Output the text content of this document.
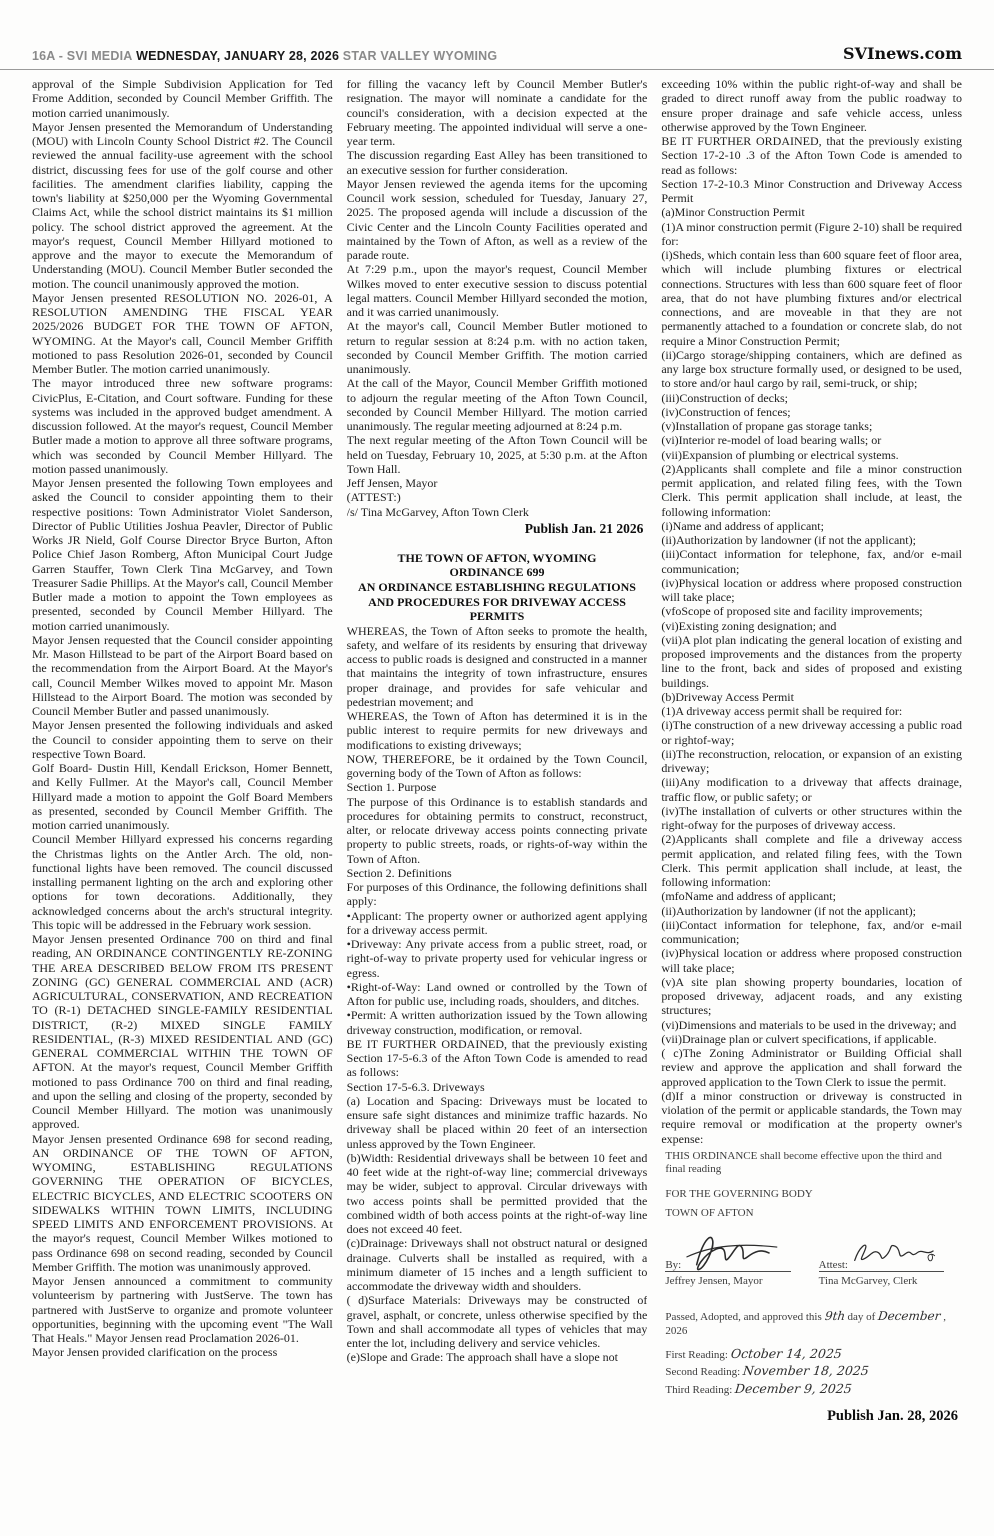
16A - SVI MEDIA WEDNESDAY, JANUARY 28, 2026 STAR VALLEY WYOMING	SVInews.com

approval of the Simple Subdivision Application for Ted Frome Addition, seconded by Council Member Griffith. The motion carried unanimously.

Mayor Jensen presented the Memorandum of Understanding (MOU) with Lincoln County School District #2. The Council reviewed the annual facility-use agreement with the school district, discussing fees for use of the golf course and other facilities. The amendment clarifies liability, capping the town's liability at $250,000 per the Wyoming Governmental Claims Act, while the school district maintains its $1 million policy. The school district approved the agreement. At the mayor's request, Council Member Hillyard motioned to approve and the mayor to execute the Memorandum of Understanding (MOU). Council Member Butler seconded the motion. The council unanimously approved the motion.

Mayor Jensen presented RESOLUTION NO. 2026-01, A RESOLUTION AMENDING THE FISCAL YEAR 2025/2026 BUDGET FOR THE TOWN OF AFTON, WYOMING. At the Mayor's call, Council Member Griffith motioned to pass Resolution 2026-01, seconded by Council Member Butler. The motion carried unanimously.

The mayor introduced three new software programs: CivicPlus, E-Citation, and Court software. Funding for these systems was included in the approved budget amendment. A discussion followed. At the mayor's request, Council Member Butler made a motion to approve all three software programs, which was seconded by Council Member Hillyard. The motion passed unanimously.

Mayor Jensen presented the following Town employees and asked the Council to consider appointing them to their respective positions: Town Administrator Violet Sanderson, Director of Public Utilities Joshua Peavler, Director of Public Works JR Nield, Golf Course Director Bryce Burton, Afton Police Chief Jason Romberg, Afton Municipal Court Judge Garren Stauffer, Town Clerk Tina McGarvey, and Town Treasurer Sadie Phillips. At the Mayor's call, Council Member Butler made a motion to appoint the Town employees as presented, seconded by Council Member Hillyard. The motion carried unanimously.

Mayor Jensen requested that the Council consider appointing Mr. Mason Hillstead to be part of the Airport Board based on the recommendation from the Airport Board. At the Mayor's call, Council Member Wilkes moved to appoint Mr. Mason Hillstead to the Airport Board. The motion was seconded by Council Member Butler and passed unanimously.

Mayor Jensen presented the following individuals and asked the Council to consider appointing them to serve on their respective Town Board.

Golf Board- Dustin Hill, Kendall Erickson, Homer Bennett, and Kelly Fullmer. At the Mayor's call, Council Member Hillyard made a motion to appoint the Golf Board Members as presented, seconded by Council Member Griffith. The motion carried unanimously.

Council Member Hillyard expressed his concerns regarding the Christmas lights on the Antler Arch. The old, non-functional lights have been removed. The council discussed installing permanent lighting on the arch and exploring other options for town decorations. Additionally, they acknowledged concerns about the arch's structural integrity. This topic will be addressed in the February work session.

Mayor Jensen presented Ordinance 700 on third and final reading, AN ORDINANCE CONTINGENTLY RE-ZONING THE AREA DESCRIBED BELOW FROM ITS PRESENT ZONING (GC) GENERAL COMMERCIAL AND (ACR) AGRICULTURAL, CONSERVATION, AND RECREATION TO (R-1) DETACHED SINGLE-FAMILY RESIDENTIAL DISTRICT, (R-2) MIXED SINGLE FAMILY RESIDENTIAL, (R-3) MIXED RESIDENTIAL AND (GC) GENERAL COMMERCIAL WITHIN THE TOWN OF AFTON. At the mayor's request, Council Member Griffith motioned to pass Ordinance 700 on third and final reading, and upon the selling and closing of the property, seconded by Council Member Hillyard. The motion was unanimously approved.

Mayor Jensen presented Ordinance 698 for second reading, AN ORDINANCE OF THE TOWN OF AFTON, WYOMING, ESTABLISHING REGULATIONS GOVERNING THE OPERATION OF BICYCLES, ELECTRIC BICYCLES, AND ELECTRIC SCOOTERS ON SIDEWALKS WITHIN TOWN LIMITS, INCLUDING SPEED LIMITS AND ENFORCEMENT PROVISIONS. At the mayor's request, Council Member Wilkes motioned to pass Ordinance 698 on second reading, seconded by Council Member Griffith. The motion was unanimously approved.

Mayor Jensen announced a commitment to community volunteerism by partnering with JustServe. The town has partnered with JustServe to organize and promote volunteer opportunities, beginning with the upcoming event "The Wall That Heals." Mayor Jensen read Proclamation 2026-01.

Mayor Jensen provided clarification on the process

for filling the vacancy left by Council Member Butler's resignation. The mayor will nominate a candidate for the council's consideration, with a decision expected at the February meeting. The appointed individual will serve a one-year term.

The discussion regarding East Alley has been transitioned to an executive session for further consideration.

Mayor Jensen reviewed the agenda items for the upcoming Council work session, scheduled for Tuesday, January 27, 2025. The proposed agenda will include a discussion of the Civic Center and the Lincoln County Facilities operated and maintained by the Town of Afton, as well as a review of the parade route.

At 7:29 p.m., upon the mayor's request, Council Member Wilkes moved to enter executive session to discuss potential legal matters. Council Member Hillyard seconded the motion, and it was carried unanimously.

At the mayor's call, Council Member Butler motioned to return to regular session at 8:24 p.m. with no action taken, seconded by Council Member Griffith. The motion carried unanimously.

At the call of the Mayor, Council Member Griffith motioned to adjourn the regular meeting of the Afton Town Council, seconded by Council Member Hillyard. The motion carried unanimously. The regular meeting adjourned at 8:24 p.m.

The next regular meeting of the Afton Town Council will be held on Tuesday, February 10, 2025, at 5:30 p.m. at the Afton Town Hall.

Jeff Jensen, Mayor

(ATTEST:)

/s/ Tina McGarvey, Afton Town Clerk

Publish Jan. 21 2026
THE TOWN OF AFTON, WYOMING
ORDINANCE 699
AN ORDINANCE ESTABLISHING REGULATIONS
AND PROCEDURES FOR DRIVEWAY ACCESS
PERMITS

WHEREAS, the Town of Afton seeks to promote the health, safety, and welfare of its residents by ensuring that driveway access to public roads is designed and constructed in a manner that maintains the integrity of town infrastructure, ensures proper drainage, and provides for safe vehicular and pedestrian movement; and

WHEREAS, the Town of Afton has determined it is in the public interest to require permits for new driveways and modifications to existing driveways;

NOW, THEREFORE, be it ordained by the Town Council, governing body of the Town of Afton as follows:

Section 1. Purpose

The purpose of this Ordinance is to establish standards and procedures for obtaining permits to construct, reconstruct, alter, or relocate driveway access points connecting private property to public streets, roads, or rights-of-way within the Town of Afton.

Section 2. Definitions

For purposes of this Ordinance, the following definitions shall apply:

•Applicant: The property owner or authorized agent applying for a driveway access permit.

•Driveway: Any private access from a public street, road, or right-of-way to private property used for vehicular ingress or egress.

•Right-of-Way: Land owned or controlled by the Town of Afton for public use, including roads, shoulders, and ditches.

•Permit: A written authorization issued by the Town allowing driveway construction, modification, or removal.

BE IT FURTHER ORDAINED, that the previously existing Section 17-5-6.3 of the Afton Town Code is amended to read as follows:

Section 17-5-6.3. Driveways

(a) Location and Spacing: Driveways must be located to ensure safe sight distances and minimize traffic hazards. No driveway shall be placed within 20 feet of an intersection unless approved by the Town Engineer.

(b)Width: Residential driveways shall be between 10 feet and 40 feet wide at the right-of-way line; commercial driveways may be wider, subject to approval. Circular driveways with two access points shall be permitted provided that the combined width of both access points at the right-of-way line does not exceed 40 feet.

(c)Drainage: Driveways shall not obstruct natural or designed drainage. Culverts shall be installed as required, with a minimum diameter of 15 inches and a length sufficient to accommodate the driveway width and shoulders.

( d)Surface Materials: Driveways may be constructed of gravel, asphalt, or concrete, unless otherwise specified by the Town and shall accommodate all types of vehicles that may enter the lot, including delivery and service vehicles.

(e)Slope and Grade: The approach shall have a slope not

exceeding 10% within the public right-of-way and shall be graded to direct runoff away from the public roadway to ensure proper drainage and safe vehicle access, unless otherwise approved by the Town Engineer.

BE IT FURTHER ORDAINED, that the previously existing Section 17-2-10 .3 of the Afton Town Code is amended to read as follows:

Section 17-2-10.3 Minor Construction and Driveway Access Permit

(a)Minor Construction Permit

(1)A minor construction permit (Figure 2-10) shall be required for:

(i)Sheds, which contain less than 600 square feet of floor area, which will include plumbing fixtures or electrical connections. Structures with less than 600 square feet of floor area, that do not have plumbing fixtures and/or electrical connections, and are moveable in that they are not permanently attached to a foundation or concrete slab, do not require a Minor Construction Permit;

(ii)Cargo storage/shipping containers, which are defined as any large box structure formally used, or designed to be used, to store and/or haul cargo by rail, semi-truck, or ship;

(iii)Construction of decks;

(iv)Construction of fences;

(v)Installation of propane gas storage tanks;

(vi)Interior re-model of load bearing walls; or

(vii)Expansion of plumbing or electrical systems.

(2)Applicants shall complete and file a minor construction permit application, and related filing fees, with the Town Clerk. This permit application shall include, at least, the following information:

(i)Name and address of applicant;

(ii)Authorization by landowner (if not the applicant);

(iii)Contact information for telephone, fax, and/or e-mail communication;

(iv)Physical location or address where proposed construction will take place;

(vfoScope of proposed site and facility improvements;

(vi)Existing zoning designation; and

(vii)A plot plan indicating the general location of existing and proposed improvements and the distances from the property line to the front, back and sides of proposed and existing buildings.

(b)Driveway Access Permit

(1)A driveway access permit shall be required for:

(i)The construction of a new driveway accessing a public road or rightof-way;

(ii)The reconstruction, relocation, or expansion of an existing driveway;

(iii)Any modification to a driveway that affects drainage, traffic flow, or public safety; or

(iv)The installation of culverts or other structures within the right-ofway for the purposes of driveway access.

(2)Applicants shall complete and file a driveway access permit application, and related filing fees, with the Town Clerk. This permit application shall include, at least, the following information:

(mfoName and address of applicant;

(ii)Authorization by landowner (if not the applicant);

(iii)Contact information for telephone, fax, and/or e-mail communication;

(iv)Physical location or address where proposed construction will take place;

(v)A site plan showing property boundaries, location of proposed driveway, adjacent roads, and any existing structures;

(vi)Dimensions and materials to be used in the driveway; and

(vii)Drainage plan or culvert specifications, if applicable.

( c)The Zoning Administrator or Building Official shall review and approve the application and shall forward the approved application to the Town Clerk to issue the permit.

(d)If a minor construction or driveway is constructed in violation of the permit or applicable standards, the Town may require removal or modification at the property owner's expense:

THIS ORDINANCE shall become effective upon the third and final reading
FOR THE GOVERNING BODY
TOWN OF AFTON
By:
Jeffrey Jensen, Mayor
Attest:
Tina McGarvey, Clerk
Passed, Adopted, and approved this 9th day of December , 2026
First Reading: October 14, 2025
Second Reading: November 18, 2025
Third Reading: December 9, 2025
Publish Jan. 28, 2026
